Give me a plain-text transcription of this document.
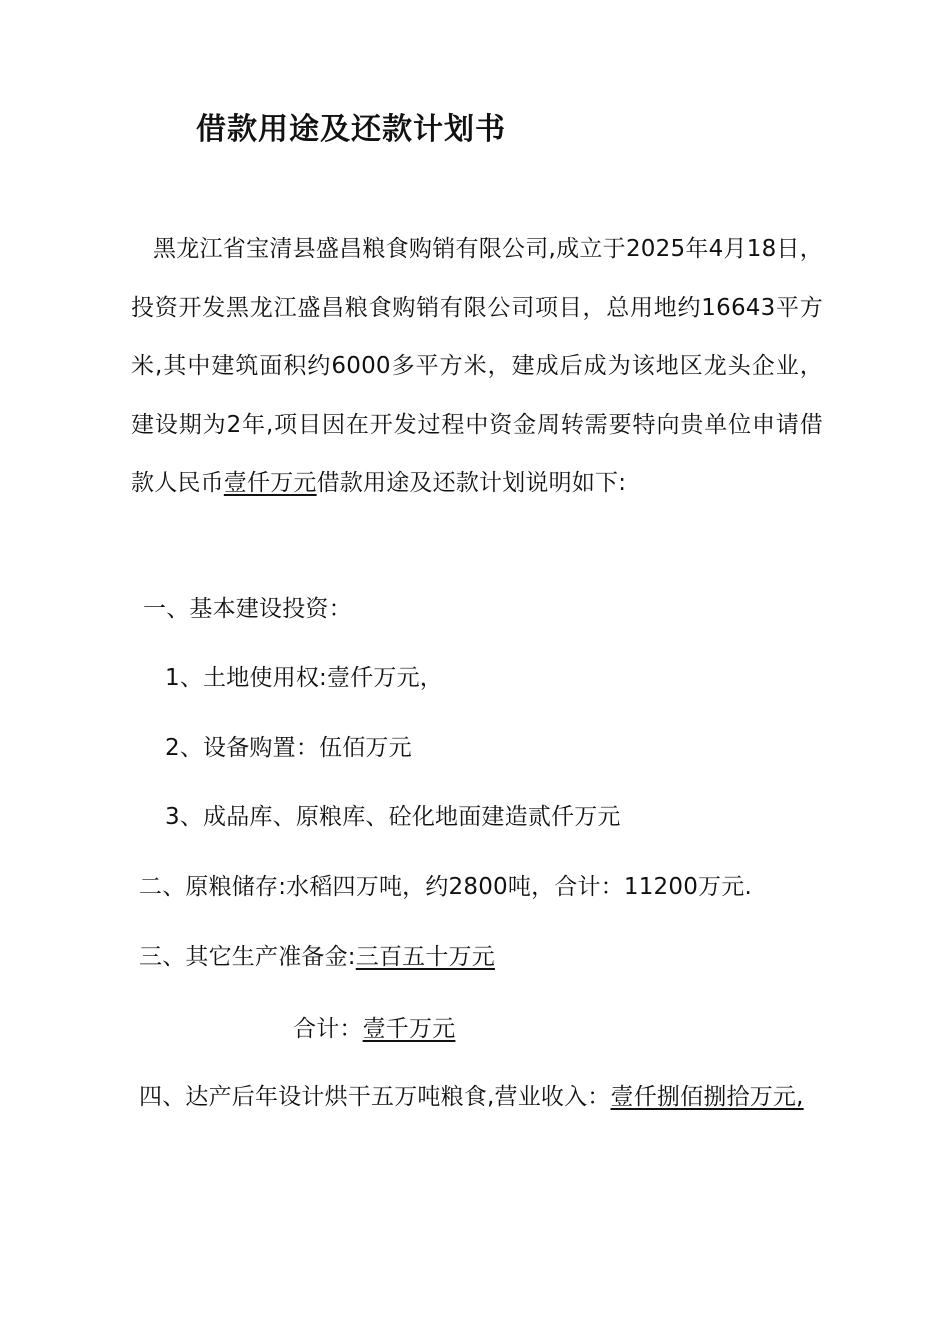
借款用途及还款计划书
黑龙江省宝清县盛昌粮食购销有限公司,成立于2025年4月18日，投资开发黑龙江盛昌粮食购销有限公司项目，总用地约16643平方米,其中建筑面积约6000多平方米，建成后成为该地区龙头企业，建设期为2年,项目因在开发过程中资金周转需要特向贵单位申请借款人民币壹仟万元借款用途及还款计划说明如下:
一、基本建设投资：
1、土地使用权:壹仟万元，
2、设备购置：伍佰万元
3、成品库、原粮库、砼化地面建造贰仟万元
二、原粮储存:水稻四万吨，约2800吨，合计：11200万元.
三、其它生产准备金:三百五十万元
合计：壹千万元
四、达产后年设计烘干五万吨粮食,营业收入：壹仟捌佰捌拾万元,
